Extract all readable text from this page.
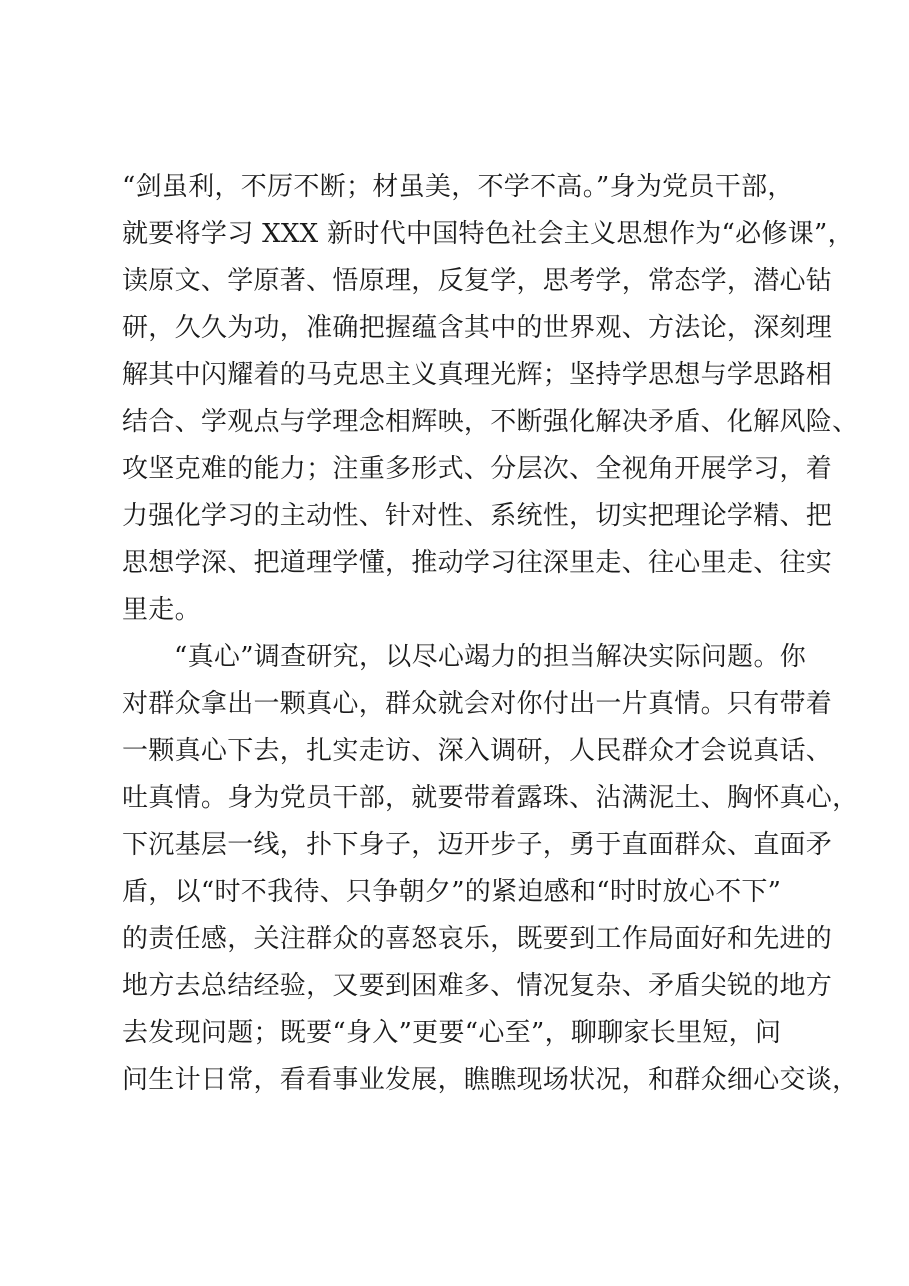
“剑虽利，不厉不断；材虽美，不学不高。”身为党员干部，
就要将学习 XXX 新时代中国特色社会主义思想作为“必修课”，
读原文、学原著、悟原理，反复学，思考学，常态学，潜心钻
研，久久为功，准确把握蕴含其中的世界观、方法论，深刻理
解其中闪耀着的马克思主义真理光辉；坚持学思想与学思路相
结合、学观点与学理念相辉映，不断强化解决矛盾、化解风险、
攻坚克难的能力；注重多形式、分层次、全视角开展学习，着
力强化学习的主动性、针对性、系统性，切实把理论学精、把
思想学深、把道理学懂，推动学习往深里走、往心里走、往实
里走。
“真心”调查研究，以尽心竭力的担当解决实际问题。你
对群众拿出一颗真心，群众就会对你付出一片真情。只有带着
一颗真心下去，扎实走访、深入调研，人民群众才会说真话、
吐真情。身为党员干部，就要带着露珠、沾满泥土、胸怀真心，
下沉基层一线，扑下身子，迈开步子，勇于直面群众、直面矛
盾，以“时不我待、只争朝夕”的紧迫感和“时时放心不下”
的责任感，关注群众的喜怒哀乐，既要到工作局面好和先进的
地方去总结经验，又要到困难多、情况复杂、矛盾尖锐的地方
去发现问题；既要“身入”更要“心至”，聊聊家长里短，问
问生计日常，看看事业发展，瞧瞧现场状况，和群众细心交谈，
